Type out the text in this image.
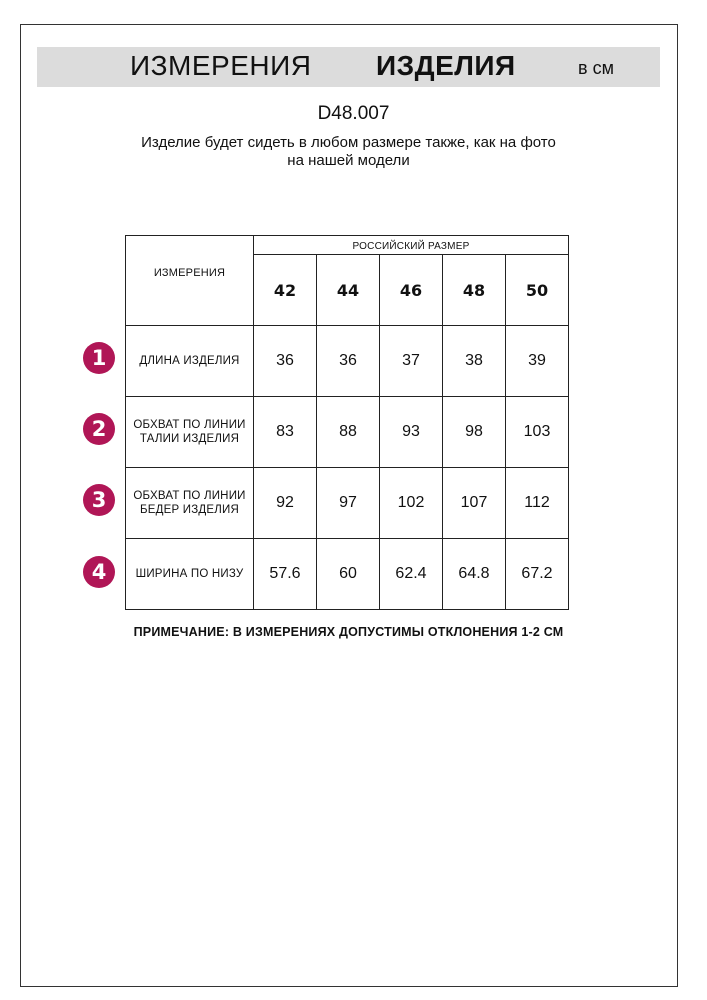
ИЗМЕРЕНИЯ ИЗДЕЛИЯ	в см
D48.007
Изделие будет сидеть в любом размере также, как на фото
на нашей модели
$^{ИЗМЕРЕНИЯ}$	РОССИЙСКИЙ РАЗМЕР				
	42	44	46	48	50

ДЛИНА ИЗДЕЛИЯ	36	36	37	38	39

ОБХВАТ ПО ЛИНИИ
ТАЛИИ ИЗДЕЛИЯ	83	88	93	98	103

ОБХВАТ ПО ЛИНИИ
БЕДЕР ИЗДЕЛИЯ	92	97	102	107	112

ШИРИНА ПО НИЗУ	57.6	60	62.4	64.8	67.2
1
2
3
4
ПРИМЕЧАНИЕ: В ИЗМЕРЕНИЯХ ДОПУСТИМЫ ОТКЛОНЕНИЯ 1-2 СМ
